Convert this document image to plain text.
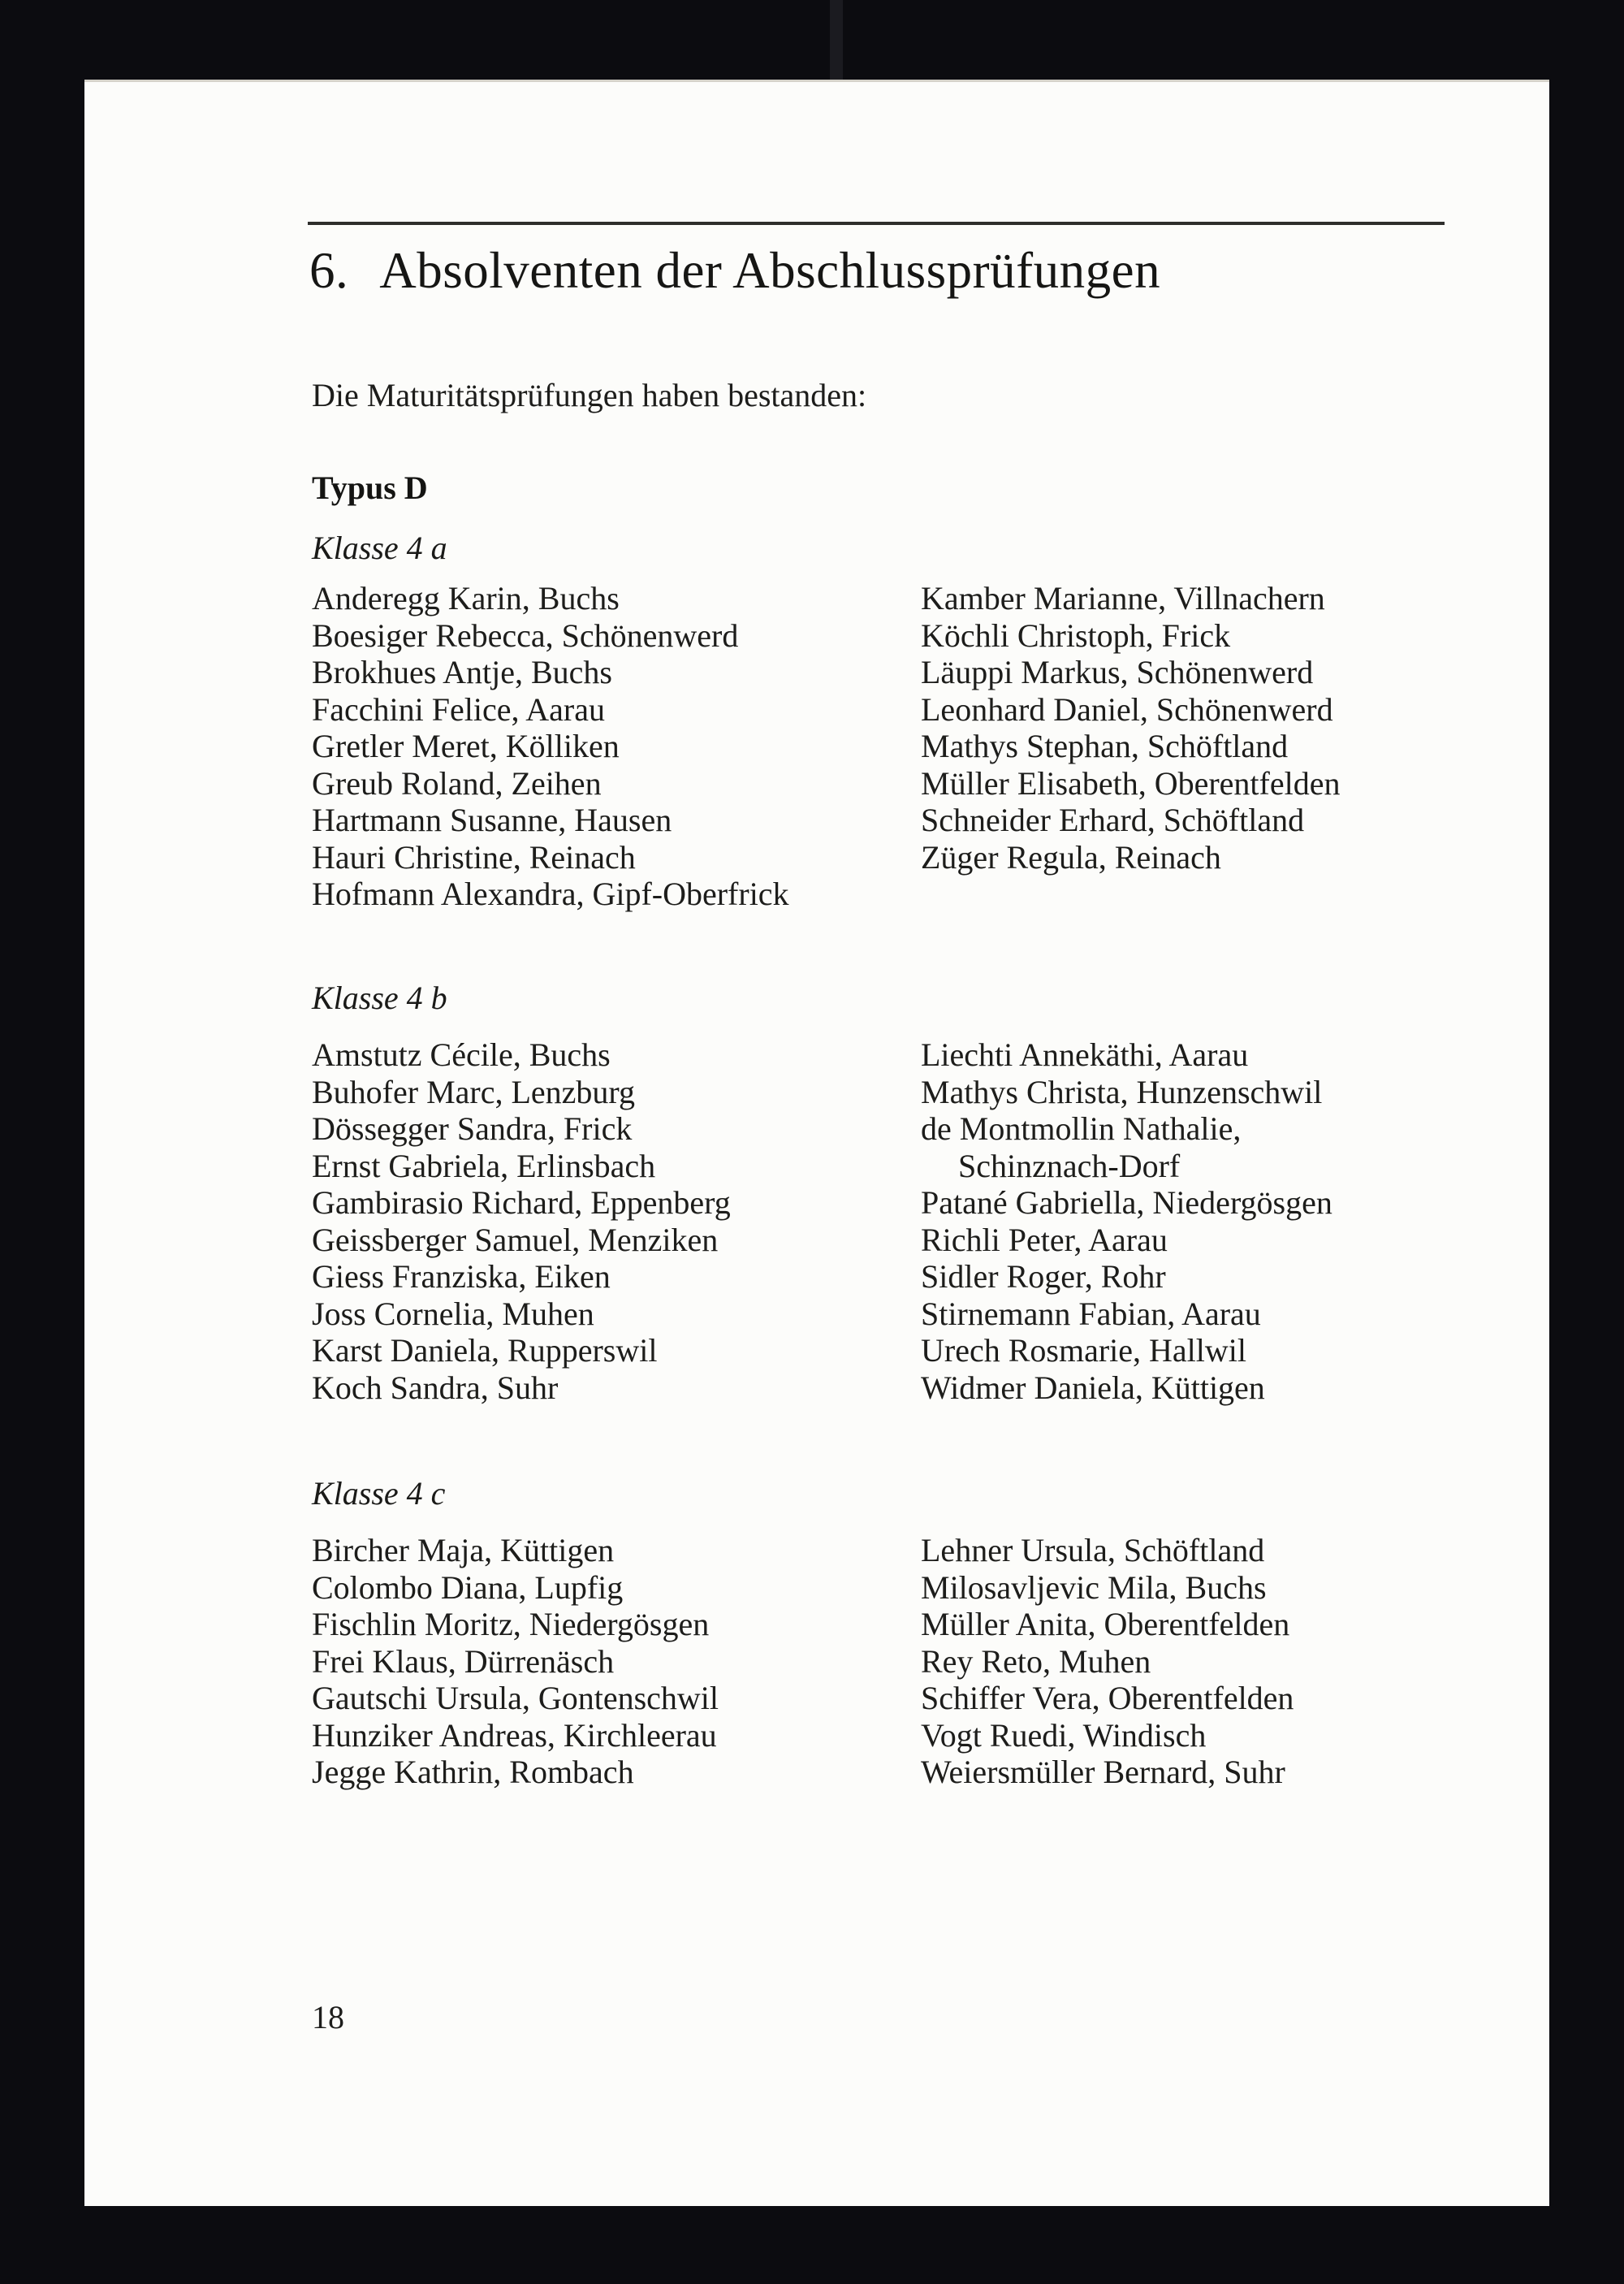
6. Absolventen der Abschlussprüfungen
Die Maturitätsprüfungen haben bestanden:
Typus D
Klasse 4 a
Anderegg Karin, Buchs
Boesiger Rebecca, Schönenwerd
Brokhues Antje, Buchs
Facchini Felice, Aarau
Gretler Meret, Kölliken
Greub Roland, Zeihen
Hartmann Susanne, Hausen
Hauri Christine, Reinach
Hofmann Alexandra, Gipf-Oberfrick
Kamber Marianne, Villnachern
Köchli Christoph, Frick
Läuppi Markus, Schönenwerd
Leonhard Daniel, Schönenwerd
Mathys Stephan, Schöftland
Müller Elisabeth, Oberentfelden
Schneider Erhard, Schöftland
Züger Regula, Reinach
Klasse 4 b
Amstutz Cécile, Buchs
Buhofer Marc, Lenzburg
Dössegger Sandra, Frick
Ernst Gabriela, Erlinsbach
Gambirasio Richard, Eppenberg
Geissberger Samuel, Menziken
Giess Franziska, Eiken
Joss Cornelia, Muhen
Karst Daniela, Rupperswil
Koch Sandra, Suhr
Liechti Annekäthi, Aarau
Mathys Christa, Hunzenschwil
de Montmollin Nathalie,
Schinznach-Dorf
Patané Gabriella, Niedergösgen
Richli Peter, Aarau
Sidler Roger, Rohr
Stirnemann Fabian, Aarau
Urech Rosmarie, Hallwil
Widmer Daniela, Küttigen
Klasse 4 c
Bircher Maja, Küttigen
Colombo Diana, Lupfig
Fischlin Moritz, Niedergösgen
Frei Klaus, Dürrenäsch
Gautschi Ursula, Gontenschwil
Hunziker Andreas, Kirchleerau
Jegge Kathrin, Rombach
Lehner Ursula, Schöftland
Milosavljevic Mila, Buchs
Müller Anita, Oberentfelden
Rey Reto, Muhen
Schiffer Vera, Oberentfelden
Vogt Ruedi, Windisch
Weiersmüller Bernard, Suhr
18
